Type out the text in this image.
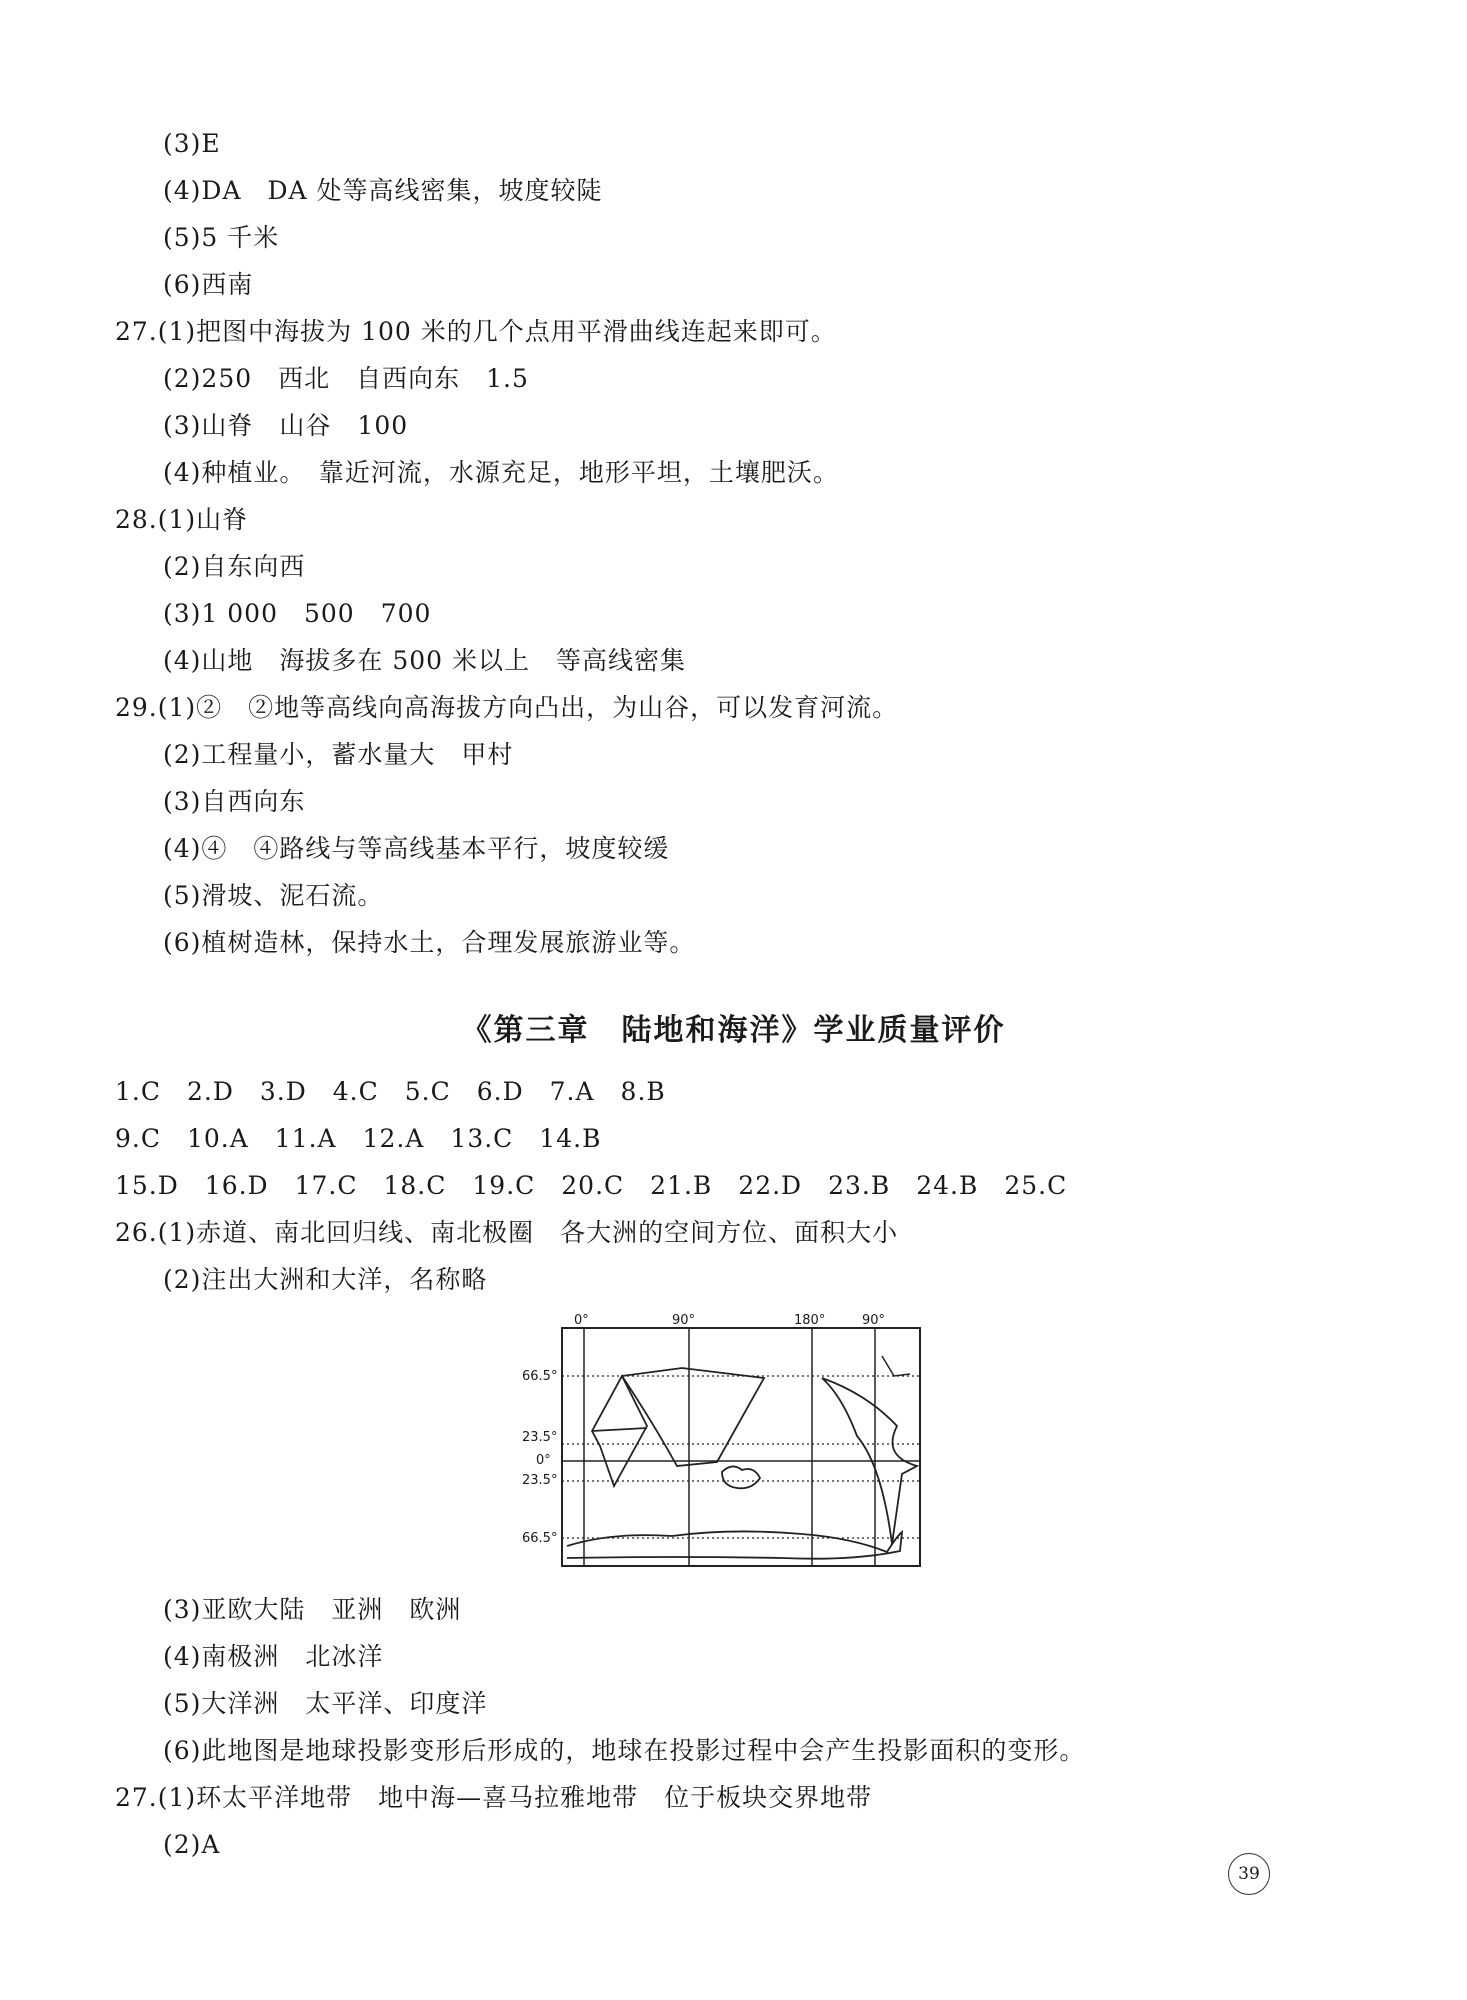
(3)E
(4)DA　DA 处等高线密集，坡度较陡
(5)5 千米
(6)西南
27.(1)把图中海拔为 100 米的几个点用平滑曲线连起来即可。
(2)250　西北　自西向东　1.5
(3)山脊　山谷　100
(4)种植业。　靠近河流，水源充足，地形平坦，土壤肥沃。
28.(1)山脊
(2)自东向西
(3)1 000　500　700
(4)山地　海拔多在 500 米以上　等高线密集
29.(1)②　②地等高线向高海拔方向凸出，为山谷，可以发育河流。
(2)工程量小，蓄水量大　甲村
(3)自西向东
(4)④　④路线与等高线基本平行，坡度较缓
(5)滑坡、泥石流。
(6)植树造林，保持水土，合理发展旅游业等。
《第三章　陆地和海洋》学业质量评价
1.C　2.D　3.D　4.C　5.C　6.D　7.A　8.B
9.C　10.A　11.A　12.A　13.C　14.B
15.D　16.D　17.C　18.C　19.C　20.C　21.B　22.D　23.B　24.B　25.C
26.(1)赤道、南北回归线、南北极圈　各大洲的空间方位、面积大小
(2)注出大洲和大洋，名称略
0°	90°	180°	90°
66.5°
23.5°
0°
23.5°
66.5°
(3)亚欧大陆　亚洲　欧洲
(4)南极洲　北冰洋
(5)大洋洲　太平洋、印度洋
(6)此地图是地球投影变形后形成的，地球在投影过程中会产生投影面积的变形。
27.(1)环太平洋地带　地中海—喜马拉雅地带　位于板块交界地带
(2)A
39
